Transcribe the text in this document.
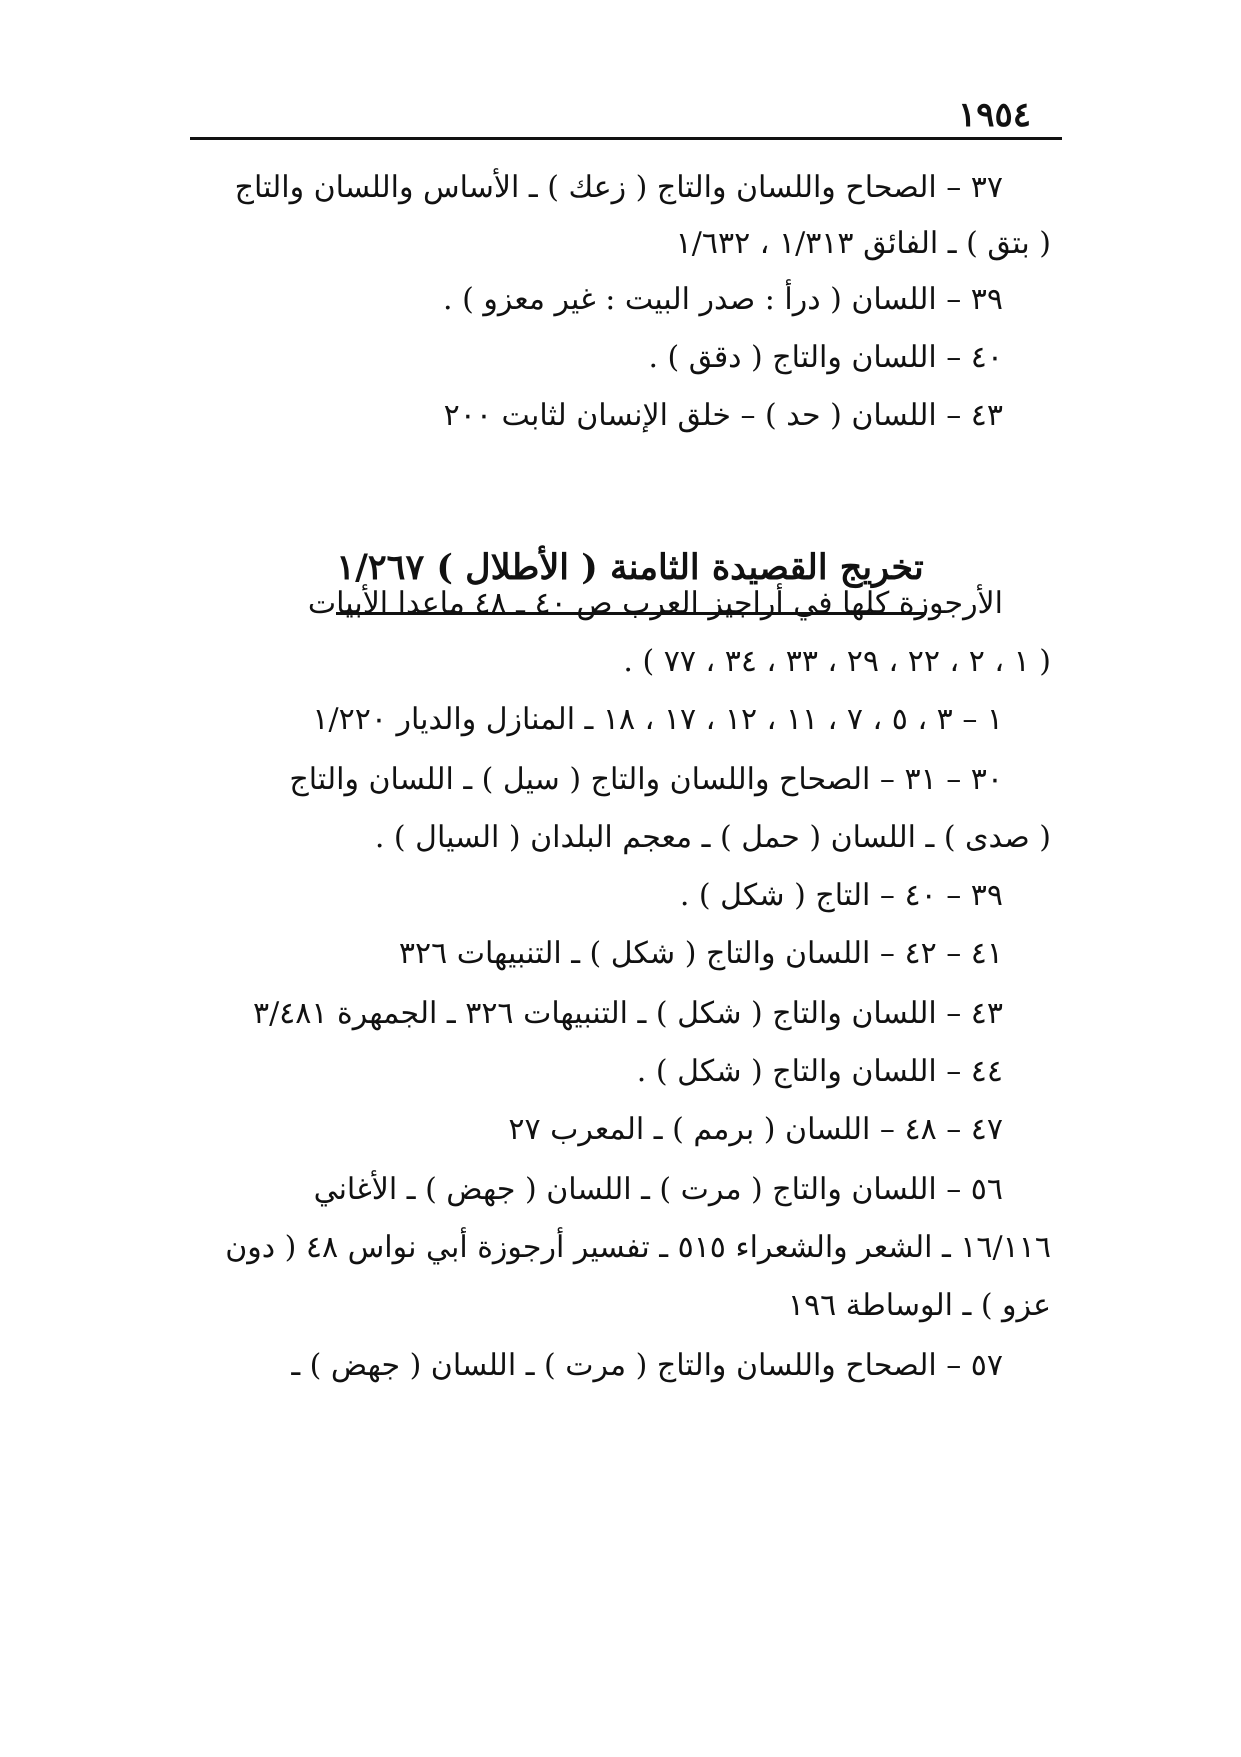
١٩٥٤
٣٧ – الصحاح واللسان والتاج ( زعك ) ـ الأساس واللسان والتاج
( بتق ) ـ الفائق ١/٣١٣ ، ١/٦٣٢
٣٩ – اللسان ( درأ : صدر البيت : غير معزو ) .
٤٠ – اللسان والتاج ( دقق ) .
٤٣ – اللسان ( حد ) – خلق الإنسان لثابت ٢٠٠
تخريج القصيدة الثامنة ( الأطلال ) ١/٢٦٧
الأرجوزة كلها في أراجيز العرب ص ٤٠ ـ ٤٨ ماعدا الأبيات
( ١ ، ٢ ، ٢٢ ، ٢٩ ، ٣٣ ، ٣٤ ، ٧٧ ) .
١ – ٣ ، ٥ ، ٧ ، ١١ ، ١٢ ، ١٧ ، ١٨ ـ المنازل والديار ١/٢٢٠
٣٠ – ٣١ – الصحاح واللسان والتاج ( سيل ) ـ اللسان والتاج
( صدى ) ـ اللسان ( حمل ) ـ معجم البلدان ( السيال ) .
٣٩ – ٤٠ – التاج ( شكل ) .
٤١ – ٤٢ – اللسان والتاج ( شكل ) ـ التنبيهات ٣٢٦
٤٣ – اللسان والتاج ( شكل ) ـ التنبيهات ٣٢٦ ـ الجمهرة ٣/٤٨١
٤٤ – اللسان والتاج ( شكل ) .
٤٧ – ٤٨ – اللسان ( برمم ) ـ المعرب ٢٧
٥٦ – اللسان والتاج ( مرت ) ـ اللسان ( جهض ) ـ الأغاني
١٦/١١٦ ـ الشعر والشعراء ٥١٥ ـ تفسير أرجوزة أبي نواس ٤٨ ( دون
عزو ) ـ الوساطة ١٩٦
٥٧ – الصحاح واللسان والتاج ( مرت ) ـ اللسان ( جهض ) ـ
